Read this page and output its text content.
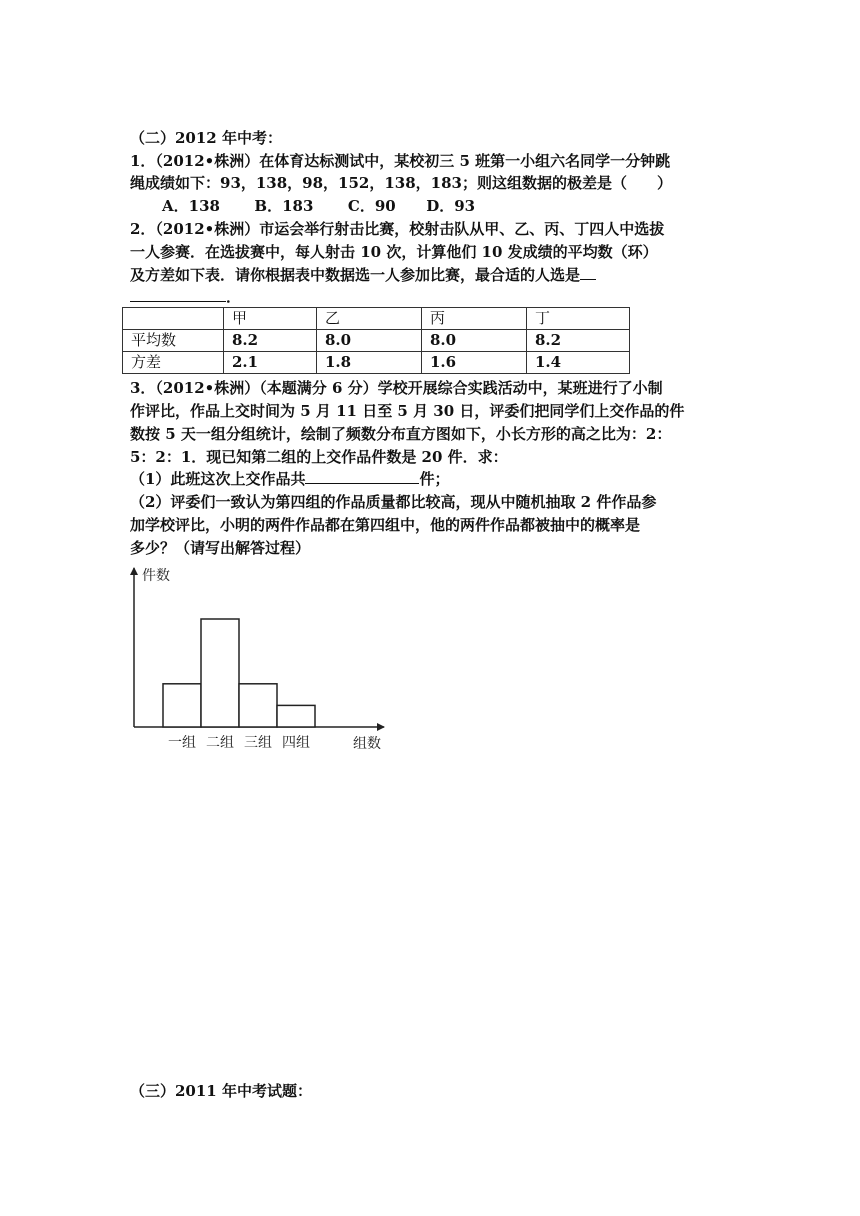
（二）2012 年中考：
1．（2012•株洲）在体育达标测试中，某校初三 5 班第一小组六名同学一分钟跳
绳成绩如下：93，138，98，152，138，183；则这组数据的极差是（　　）
A．138 B．183 C．90 D．93
2．（2012•株洲）市运会举行射击比赛，校射击队从甲、乙、丙、丁四人中选拔
一人参赛．在选拔赛中，每人射击 10 次，计算他们 10 发成绩的平均数（环）
及方差如下表．请你根据表中数据选一人参加比赛，最合适的人选是
．
	甲	乙	丙	丁
平均数	8.2	8.0	8.0	8.2
方差	2.1	1.8	1.6	1.4
3．（2012•株洲）（本题满分 6 分）学校开展综合实践活动中，某班进行了小制
作评比，作品上交时间为 5 月 11 日至 5 月 30 日，评委们把同学们上交作品的件
数按 5 天一组分组统计，绘制了频数分布直方图如下，小长方形的高之比为：2：
5：2：1．现已知第二组的上交作品件数是 20 件．求：
（1）此班这次上交作品共	件；
（2）评委们一致认为第四组的作品质量都比较高，现从中随机抽取 2 件作品参
加学校评比，小明的两件作品都在第四组中，他的两件作品都被抽中的概率是
多少？（请写出解答过程）
件数
组数
一组 二组 三组 四组
（三）2011 年中考试题：
